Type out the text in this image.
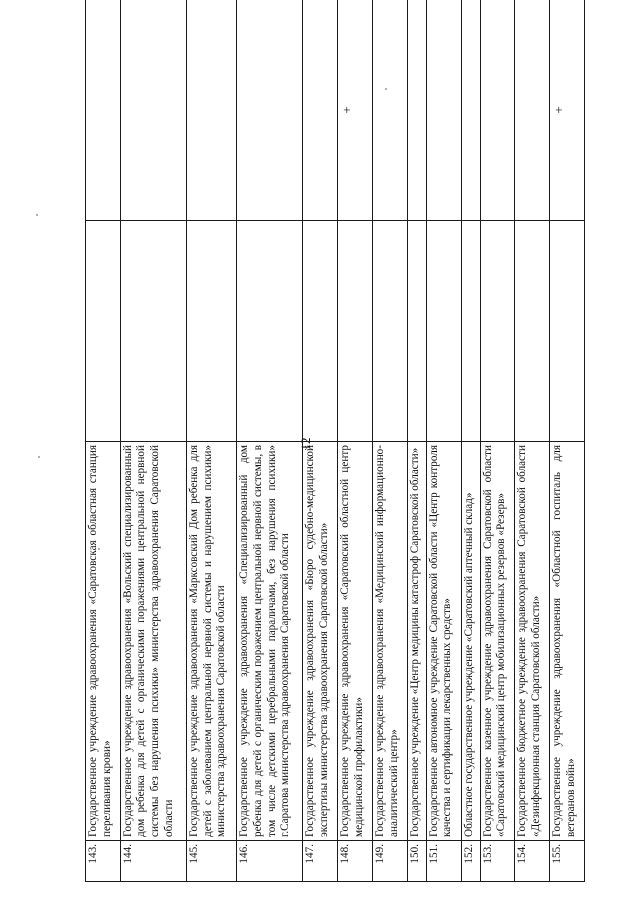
12
143.	Государственное учреждение здравоохранения «Саратовская областная станция переливания крови»		
144.	Государственное учреждение здравоохранения «Вольский специализированный дом ребенка для детей с органическими поражениями центральной нервной системы без нарушения психики» министерства здравоохранения Саратовской области		
145.	Государственное учреждение здравоохранения «Марксовский Дом ребенка для детей с заболеванием центральной нервной системы и нарушением психики» министерства здравоохранения Саратовской области		
146.	Государственное учреждение здравоохранения «Специализированный дом ребенка для детей с органическим поражением центральной нервной системы, в том числе детскими церебральными параличами, без нарушения психики» г.Саратова министерства здравоохранения Саратовской области		
147.	Государственное учреждение здравоохранения «Бюро судебно-медицинской экспертизы министерства здравоохранения Саратовской области»		
148.	Государственное учреждение здравоохранения «Саратовский областной центр медицинской профилактики»		+
149.	Государственное учреждение здравоохранения «Медицинский информационно-аналитический центр»		
150.	Государственное учреждение «Центр медицины катастроф Саратовской области»		
151.	Государственное автономное учреждение Саратовской области «Центр контроля качества и сертификации лекарственных средств»		
152.	Областное государственное учреждение «Саратовский аптечный склад»		
153.	Государственное казенное учреждение здравоохранения Саратовской области «Саратовский медицинский центр мобилизационных резервов «Резерв»		
154.	Государственное бюджетное учреждение здравоохранения Саратовской области «Дезинфекционная станция Саратовской области»		
155.	Государственное учреждение здравоохранения «Областной госпиталь для ветеранов войн»		+
